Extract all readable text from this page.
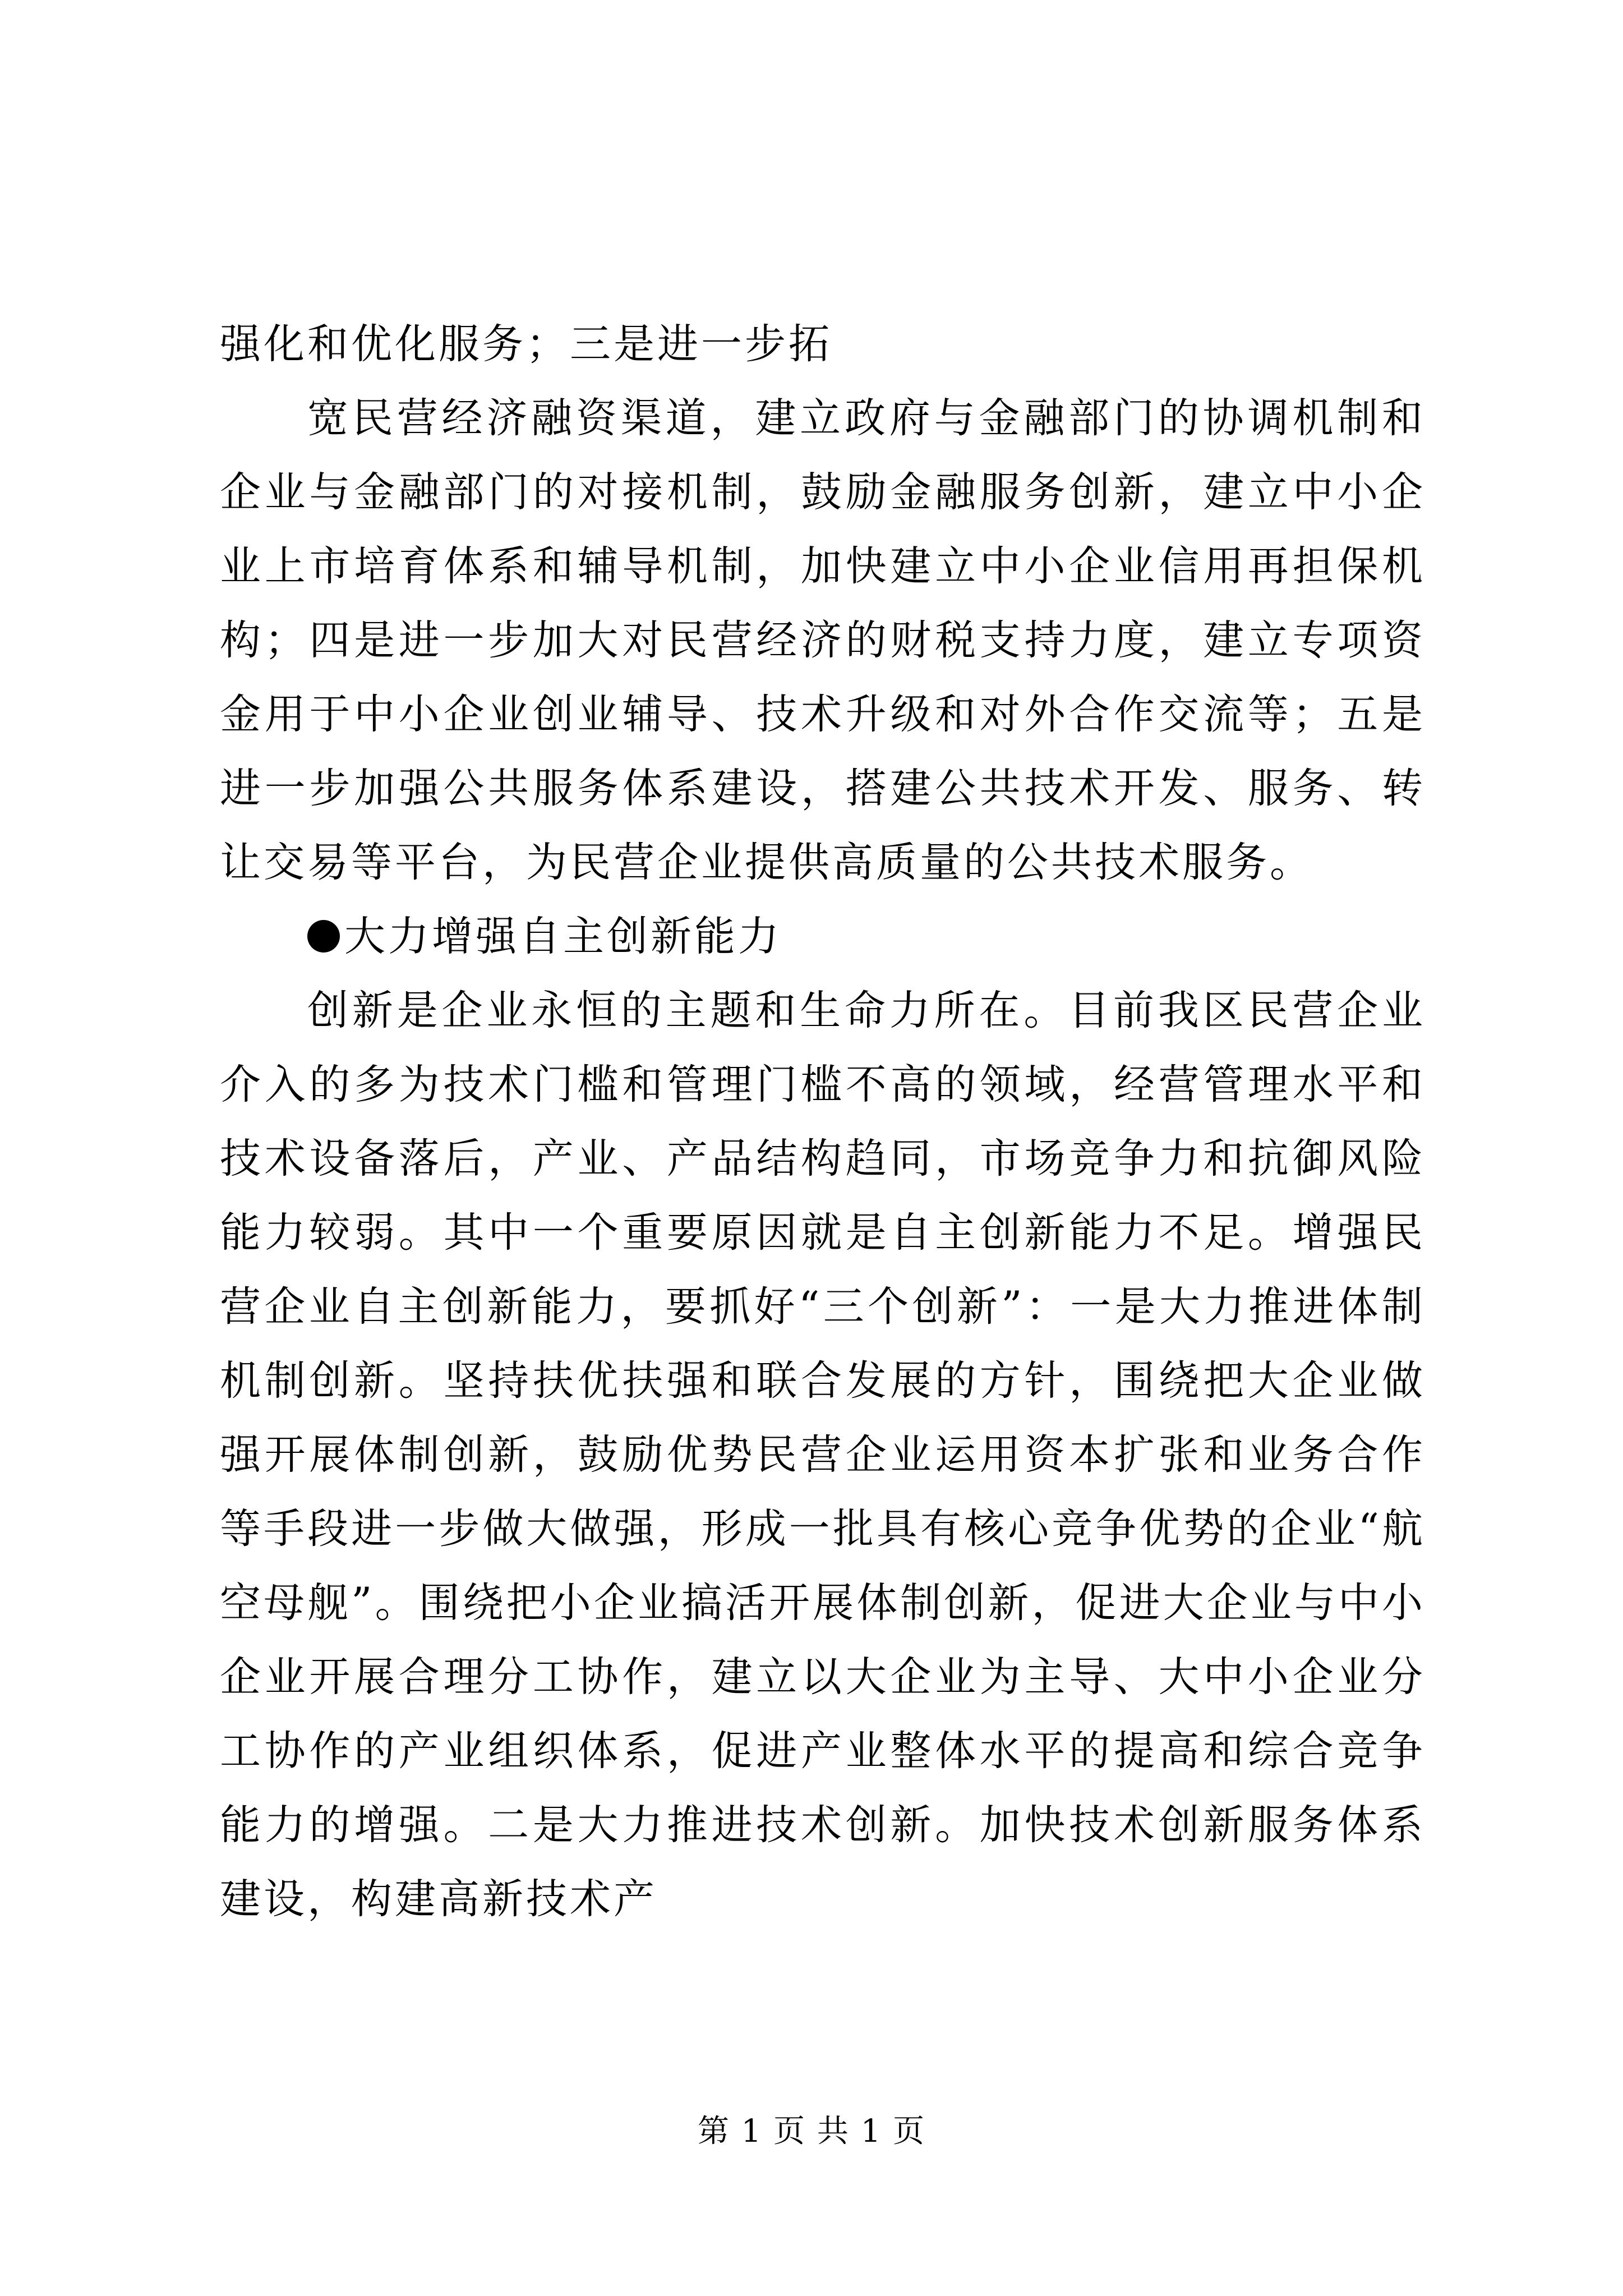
强化和优化服务；三是进一步拓

宽民营经济融资渠道，建立政府与金融部门的协调机制和企业与金融部门的对接机制，鼓励金融服务创新，建立中小企业上市培育体系和辅导机制，加快建立中小企业信用再担保机构；四是进一步加大对民营经济的财税支持力度，建立专项资金用于中小企业创业辅导、技术升级和对外合作交流等；五是进一步加强公共服务体系建设，搭建公共技术开发、服务、转让交易等平台，为民营企业提供高质量的公共技术服务。

大力增强自主创新能力

创新是企业永恒的主题和生命力所在。目前我区民营企业介入的多为技术门槛和管理门槛不高的领域，经营管理水平和技术设备落后，产业、产品结构趋同，市场竞争力和抗御风险能力较弱。其中一个重要原因就是自主创新能力不足。增强民营企业自主创新能力，要抓好“三个创新”：一是大力推进体制机制创新。坚持扶优扶强和联合发展的方针，围绕把大企业做强开展体制创新，鼓励优势民营企业运用资本扩张和业务合作等手段进一步做大做强，形成一批具有核心竞争优势的企业“航空母舰”。围绕把小企业搞活开展体制创新，促进大企业与中小企业开展合理分工协作，建立以大企业为主导、大中小企业分工协作的产业组织体系，促进产业整体水平的提高和综合竞争能力的增强。二是大力推进技术创新。加快技术创新服务体系建设，构建高新技术产

第 1 页 共 1 页
